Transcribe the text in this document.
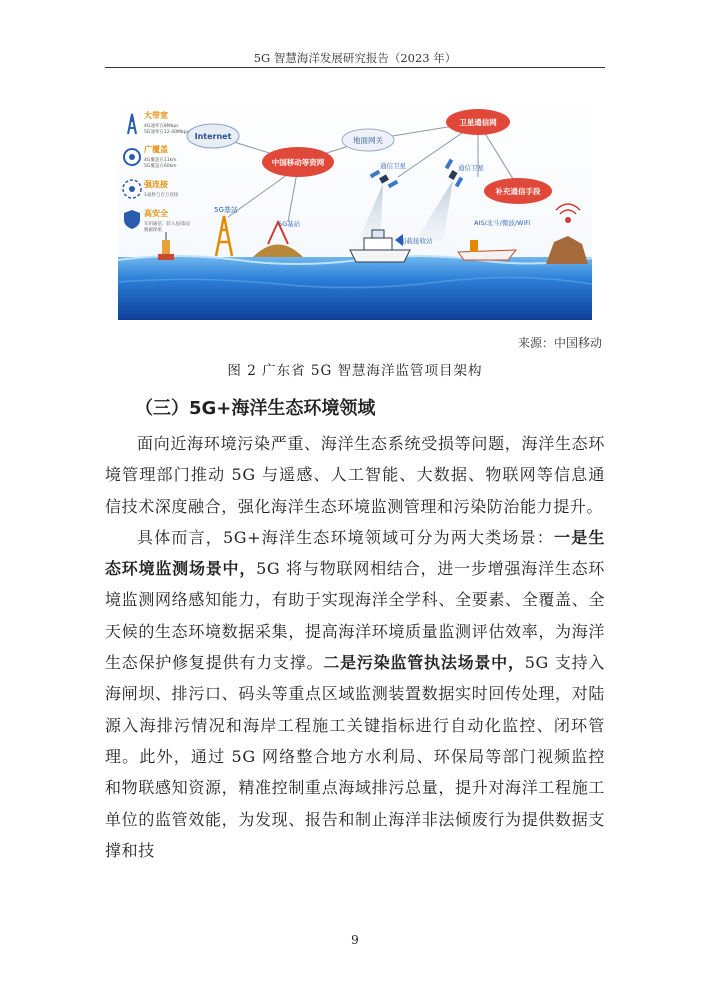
5G 智慧海洋发展研究报告（2023 年）
Internet
中国移动等资网
地面网关
卫星通信网
补充通信手段
通信卫星	通信卫星
大带宽
4G速率在8Mbps
5G速率在12-40Mbps
广覆盖
4G覆盖在11km
5G覆盖在60km
强连接
1毫秒与百万连接
高安全
军用通信，防入侵/取证
数据保密
5G基站
5G基站
船载接收站
AIS/北斗/微波/WiFi
来源：中国移动
图 2 广东省 5G 智慧海洋监管项目架构
（三）5G+海洋生态环境领域

面向近海环境污染严重、海洋生态系统受损等问题，海洋生态环境管理部门推动 5G 与遥感、人工智能、大数据、物联网等信息通信技术深度融合，强化海洋生态环境监测管理和污染防治能力提升。

具体而言，5G+海洋生态环境领域可分为两大类场景：一是生态环境监测场景中，5G 将与物联网相结合，进一步增强海洋生态环境监测网络感知能力，有助于实现海洋全学科、全要素、全覆盖、全天候的生态环境数据采集，提高海洋环境质量监测评估效率，为海洋生态保护修复提供有力支撑。二是污染监管执法场景中，5G 支持入海闸坝、排污口、码头等重点区域监测装置数据实时回传处理，对陆源入海排污情况和海岸工程施工关键指标进行自动化监控、闭环管理。此外，通过 5G 网络整合地方水利局、环保局等部门视频监控和物联感知资源，精准控制重点海域排污总量，提升对海洋工程施工单位的监管效能，为发现、报告和制止海洋非法倾废行为提供数据支撑和技

9
